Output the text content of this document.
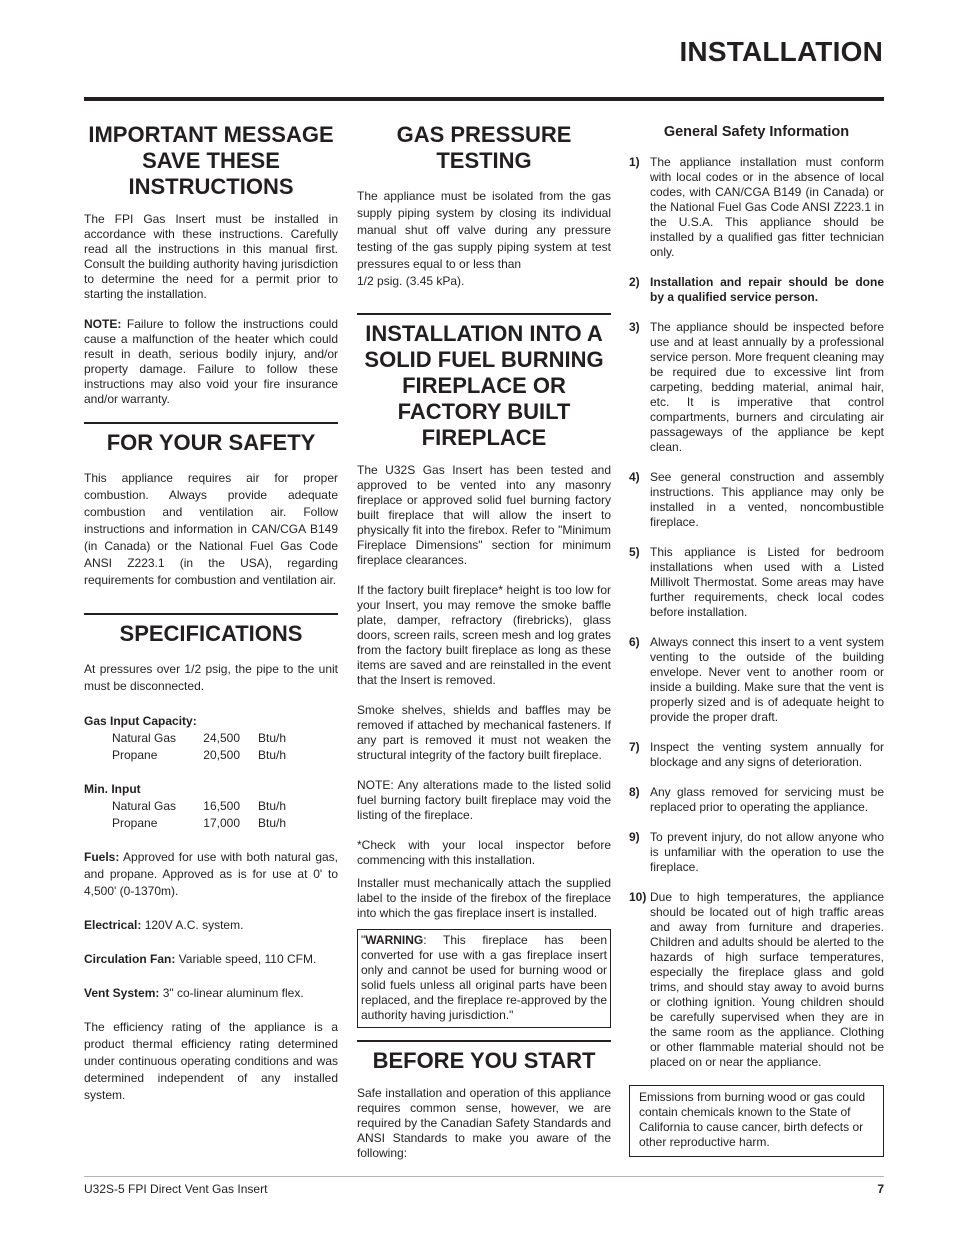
INSTALLATION
IMPORTANT MESSAGE
SAVE THESE
INSTRUCTIONS

The FPI Gas Insert must be installed in accordance with these instructions. Carefully read all the instructions in this manual first. Consult the building authority having jurisdiction to determine the need for a permit prior to starting the installation.

NOTE: Failure to follow the instructions could cause a malfunction of the heater which could result in death, serious bodily injury, and/or property damage. Failure to follow these instructions may also void your fire insurance and/or warranty.

FOR YOUR SAFETY
This appliance requires air for proper combustion. Always provide adequate combustion and ventilation air. Follow instructions and information in CAN/CGA B149 (in Canada) or the National Fuel Gas Code ANSI Z223.1 (in the USA), regarding requirements for combustion and ventilation air.
SPECIFICATIONS
At pressures over 1/2 psig, the pipe to the unit must be disconnected.
Gas Input Capacity:
Natural Gas	24,500	Btu/h
Propane	20,500	Btu/h
Min. Input
Natural Gas	16,500	Btu/h
Propane	17,000	Btu/h

Fuels: Approved for use with both natural gas, and propane. Approved as is for use at 0' to 4,500' (0-1370m).

Electrical: 120V A.C. system.

Circulation Fan: Variable speed, 110 CFM.

Vent System: 3" co-linear aluminum flex.

The efficiency rating of the appliance is a product thermal efficiency rating determined under continuous operating conditions and was determined independent of any installed system.

GAS PRESSURE
TESTING
The appliance must be isolated from the gas supply piping system by closing its individual manual shut off valve during any pressure testing of the gas supply piping system at test pressures equal to or less than
1/2 psig. (3.45 kPa).
INSTALLATION INTO A
SOLID FUEL BURNING
FIREPLACE OR
FACTORY BUILT
FIREPLACE

The U32S Gas Insert has been tested and approved to be vented into any masonry fireplace or approved solid fuel burning factory built fireplace that will allow the insert to physically fit into the firebox. Refer to "Minimum Fireplace Dimensions" section for minimum fireplace clearances.

If the factory built fireplace* height is too low for your Insert, you may remove the smoke baffle plate, damper, refractory (firebricks), glass doors, screen rails, screen mesh and log grates from the factory built fireplace as long as these items are saved and are reinstalled in the event that the Insert is removed.

Smoke shelves, shields and baffles may be removed if attached by mechanical fasteners. If any part is removed it must not weaken the structural integrity of the factory built fireplace.

NOTE: Any alterations made to the listed solid fuel burning factory built fireplace may void the listing of the fireplace.

*Check with your local inspector before commencing with this installation.

Installer must mechanically attach the supplied label to the inside of the firebox of the fireplace into which the gas fireplace insert is installed.

"WARNING: This fireplace has been converted for use with a gas fireplace insert only and cannot be used for burning wood or solid fuels unless all original parts have been replaced, and the fireplace re-approved by the authority having jurisdiction."
BEFORE YOU START
Safe installation and operation of this appliance requires common sense, however, we are required by the Canadian Safety Standards and ANSI Standards to make you aware of the following:
General Safety Information
1) The appliance installation must conform with local codes or in the absence of local codes, with CAN/CGA B149 (in Canada) or the National Fuel Gas Code ANSI Z223.1 in the U.S.A. This appliance should be installed by a qualified gas fitter technician only.
2) Installation and repair should be done by a qualified service person.
3) The appliance should be inspected before use and at least annually by a professional service person. More frequent cleaning may be required due to excessive lint from carpeting, bedding material, animal hair, etc. It is imperative that control compartments, burners and circulating air passageways of the appliance be kept clean.
4) See general construction and assembly instructions. This appliance may only be installed in a vented, noncombustible fireplace.
5) This appliance is Listed for bedroom installations when used with a Listed Millivolt Thermostat. Some areas may have further requirements, check local codes before installation.
6) Always connect this insert to a vent system venting to the outside of the building envelope. Never vent to another room or inside a building. Make sure that the vent is properly sized and is of adequate height to provide the proper draft.
7) Inspect the venting system annually for blockage and any signs of deterioration.
8) Any glass removed for servicing must be replaced prior to operating the appliance.
9) To prevent injury, do not allow anyone who is unfamiliar with the operation to use the fireplace.
10) Due to high temperatures, the appliance should be located out of high traffic areas and away from furniture and draperies. Children and adults should be alerted to the hazards of high surface temperatures, especially the fireplace glass and gold trims, and should stay away to avoid burns or clothing ignition. Young children should be carefully supervised when they are in the same room as the appliance. Clothing or other flammable material should not be placed on or near the appliance.
Emissions from burning wood or gas could contain chemicals known to the State of California to cause cancer, birth defects or other reproductive harm.
U32S-5 FPI Direct Vent Gas Insert	7
